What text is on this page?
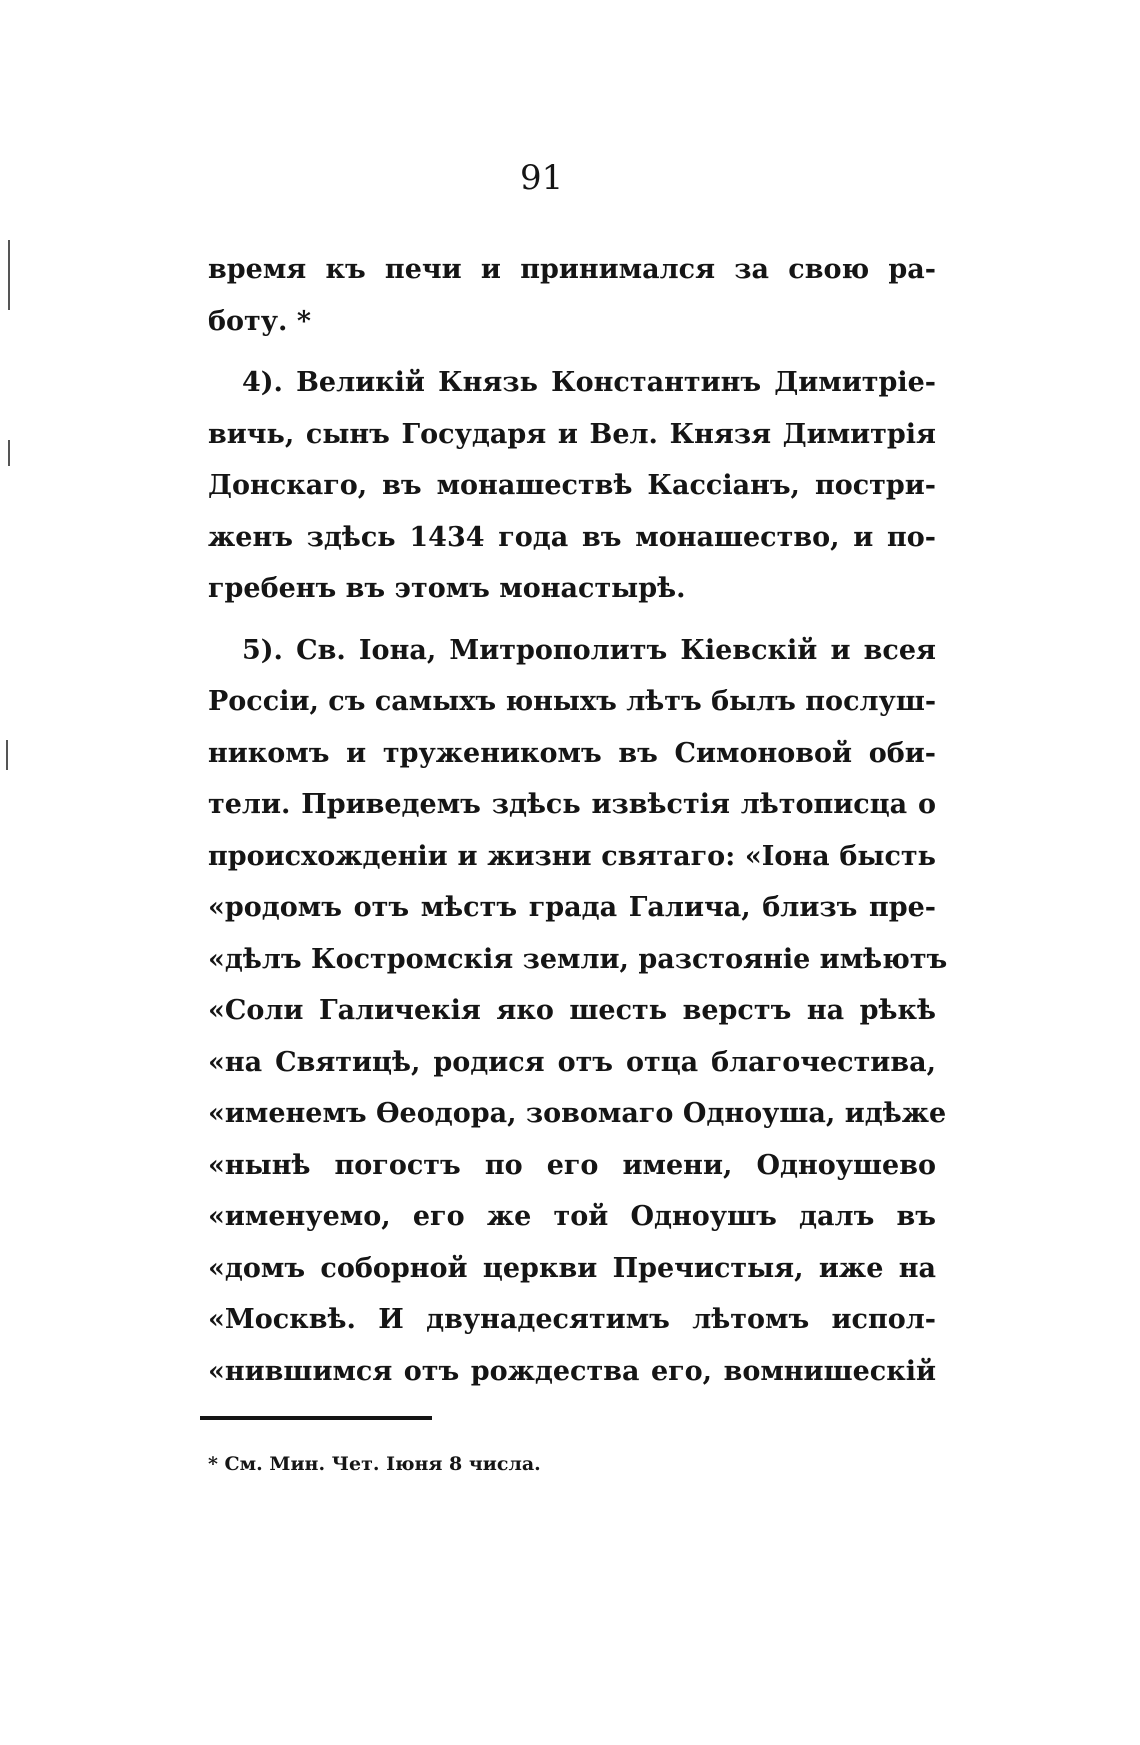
91

время къ печи и принимался за свою ра-

боту. *

4). Великій Князь Константинъ Димитріе-

вичь, сынъ Государя и Вел. Князя Димитрія

Донскаго, въ монашествѣ Кассіанъ, постри-

женъ здѣсь 1434 года въ монашество, и по-

гребенъ въ этомъ монастырѣ.

5). Св. Іона, Митрополитъ Кіевскій и всея

Россіи, съ самыхъ юныхъ лѣтъ былъ послуш-

никомъ и труженикомъ въ Симоновой оби-

тели. Приведемъ здѣсь извѣстія лѣтописца о

происхожденіи и жизни святаго: «Іона бысть

«родомъ отъ мѣстъ града Галича, близъ пре-

«дѣлъ Костромскія земли, разстояніе имѣютъ

«Соли Галичекія яко шесть верстъ на рѣкѣ

«на Святицѣ, родися отъ отца благочестива,

«именемъ Ѳеодора, зовомаго Одноуша, идѣже

«нынѣ погостъ по его имени, Одноушево

«именуемо, его же той Одноушъ далъ въ

«домъ соборной церкви Пречистыя, иже на

«Москвѣ. И двунадесятимъ лѣтомъ испол-

«нившимся отъ рождества его, вомнишескій

* См. Мин. Чет. Іюня 8 числа.
